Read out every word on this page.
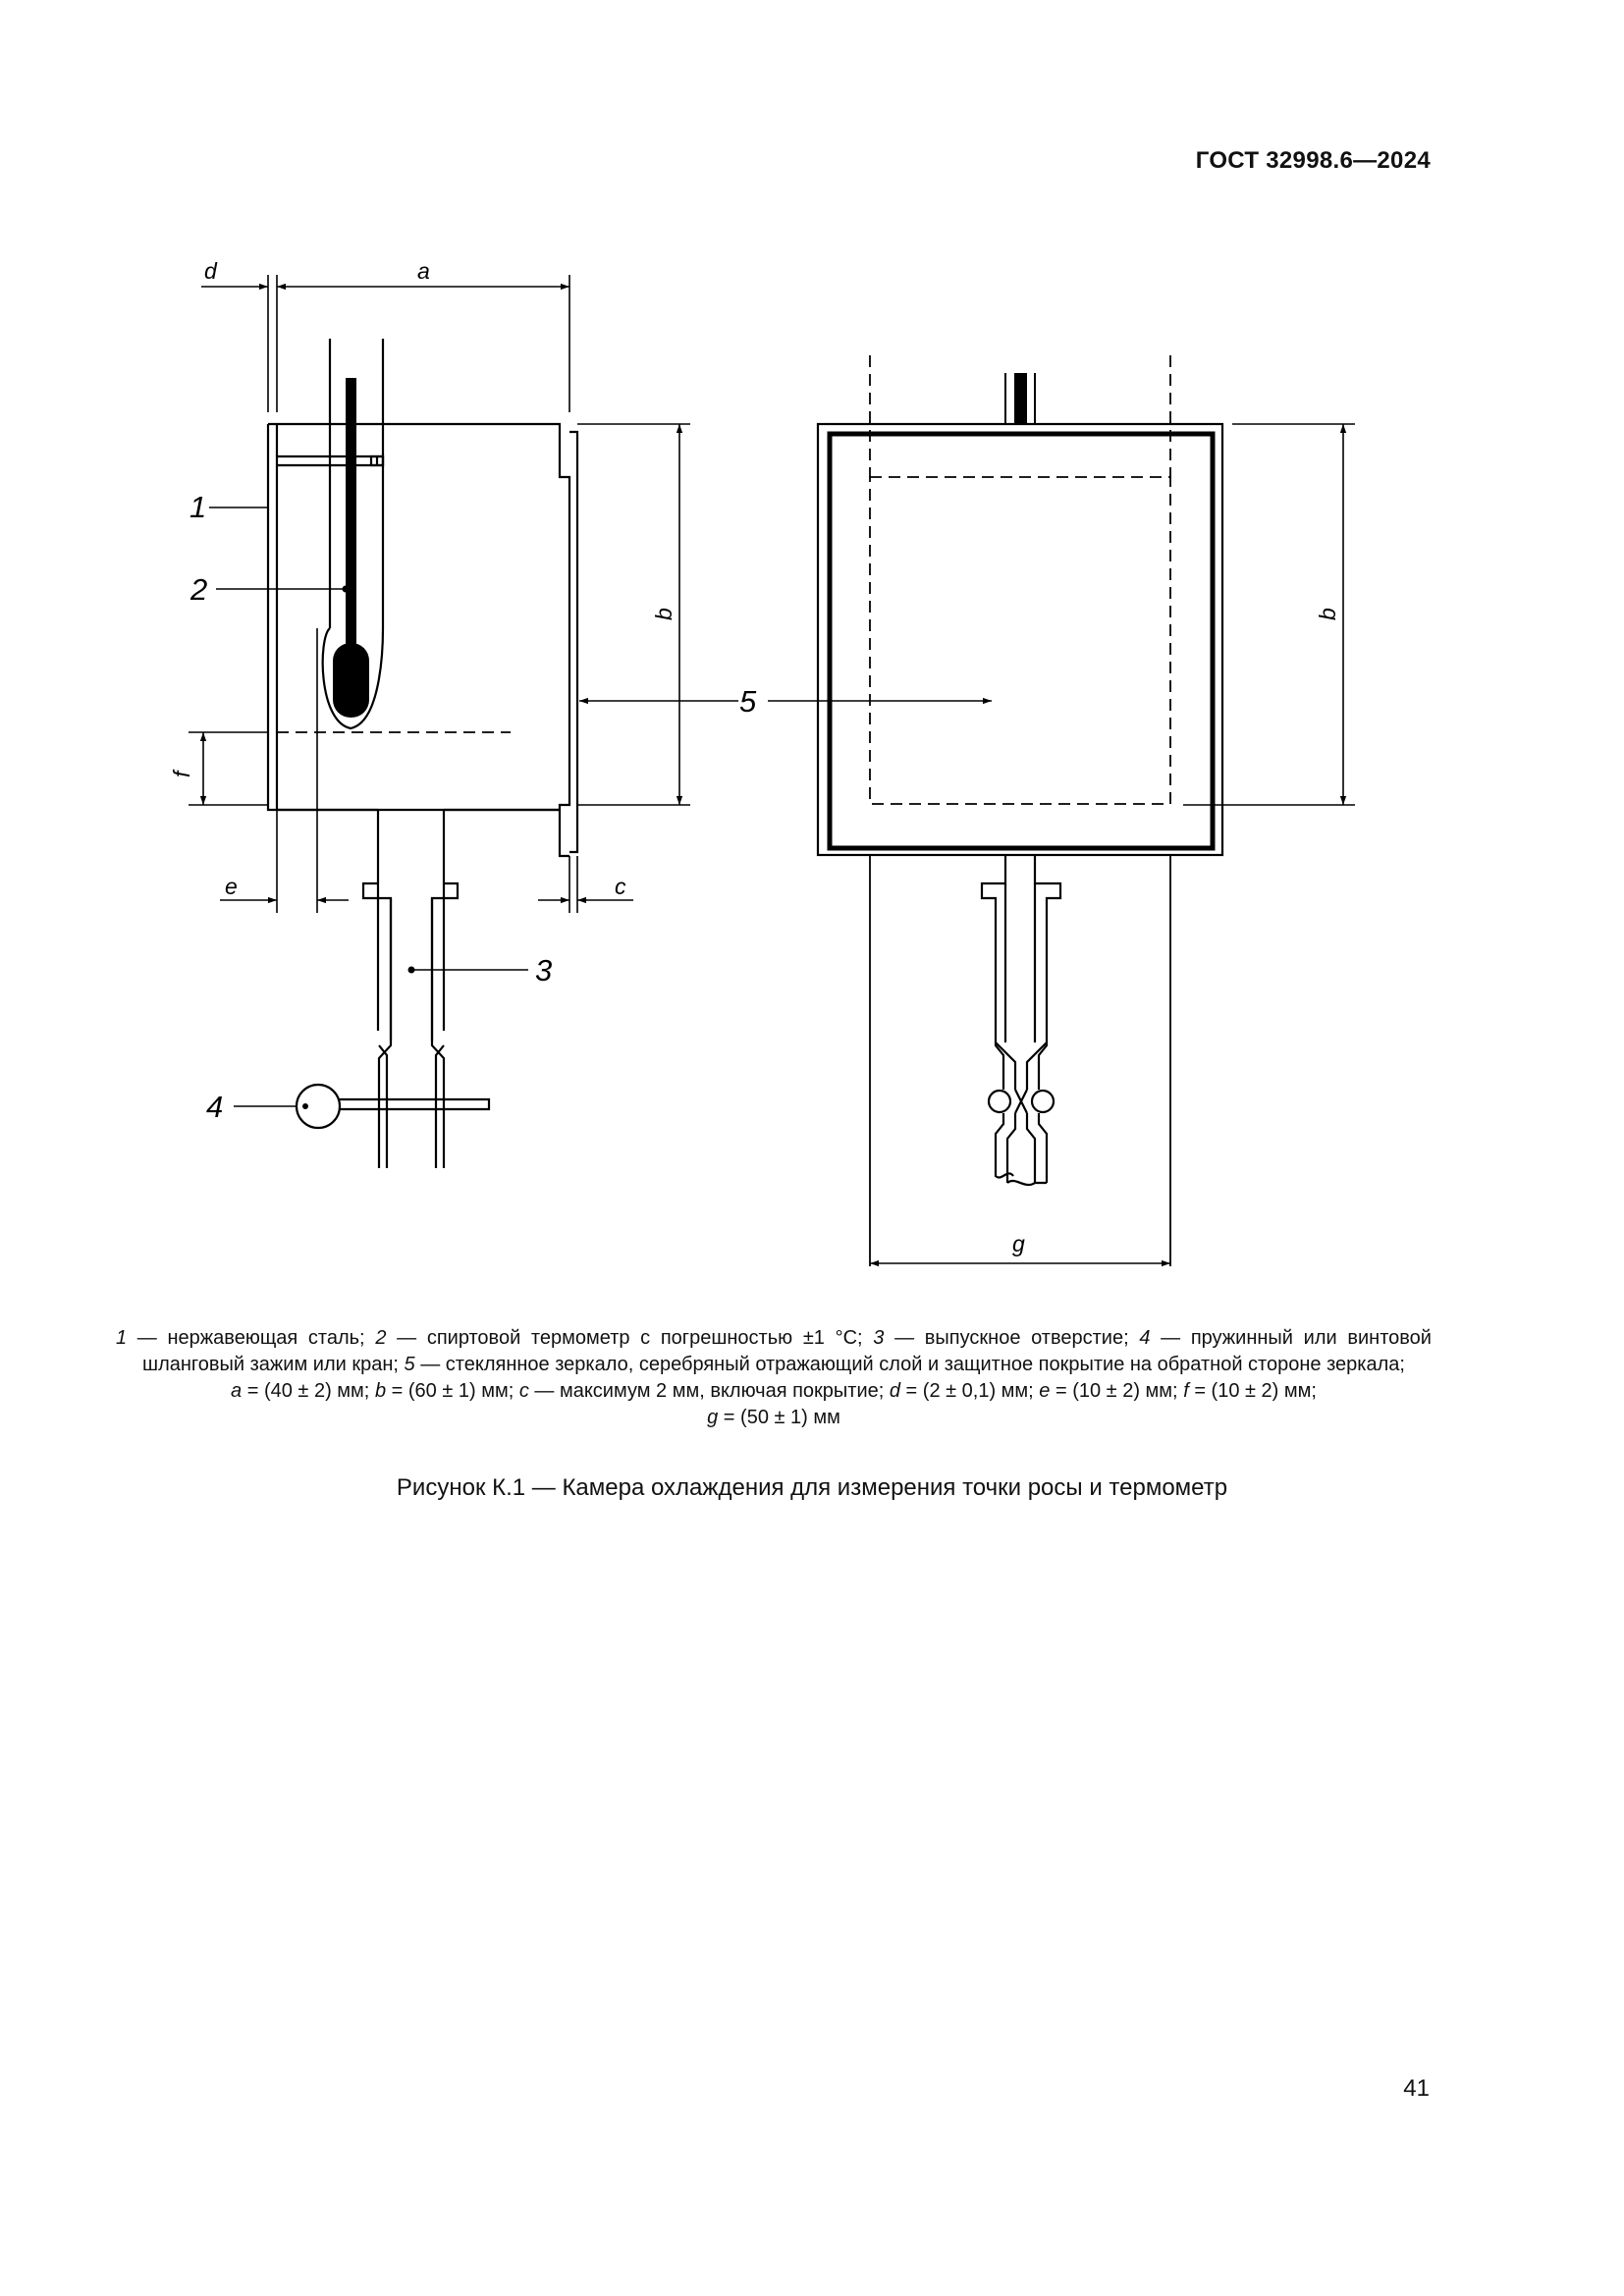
ГОСТ 32998.6—2024
d	a
b
f
e	c
b
g
1
2
5
3
4
1 — нержавеющая сталь; 2 — спиртовой термометр с погрешностью ±1 °С; 3 — выпускное отверстие; 4 — пружинный или винтовой шланговый зажим или кран; 5 — стеклянное зеркало, серебряный отражающий слой и защитное покрытие на обратной стороне зеркала;
a = (40 ± 2) мм; b = (60 ± 1) мм; c — максимум 2 мм, включая покрытие; d = (2 ± 0,1) мм; e = (10 ± 2) мм; f = (10 ± 2) мм;
g = (50 ± 1) мм
Рисунок К.1 — Камера охлаждения для измерения точки росы и термометр
41
